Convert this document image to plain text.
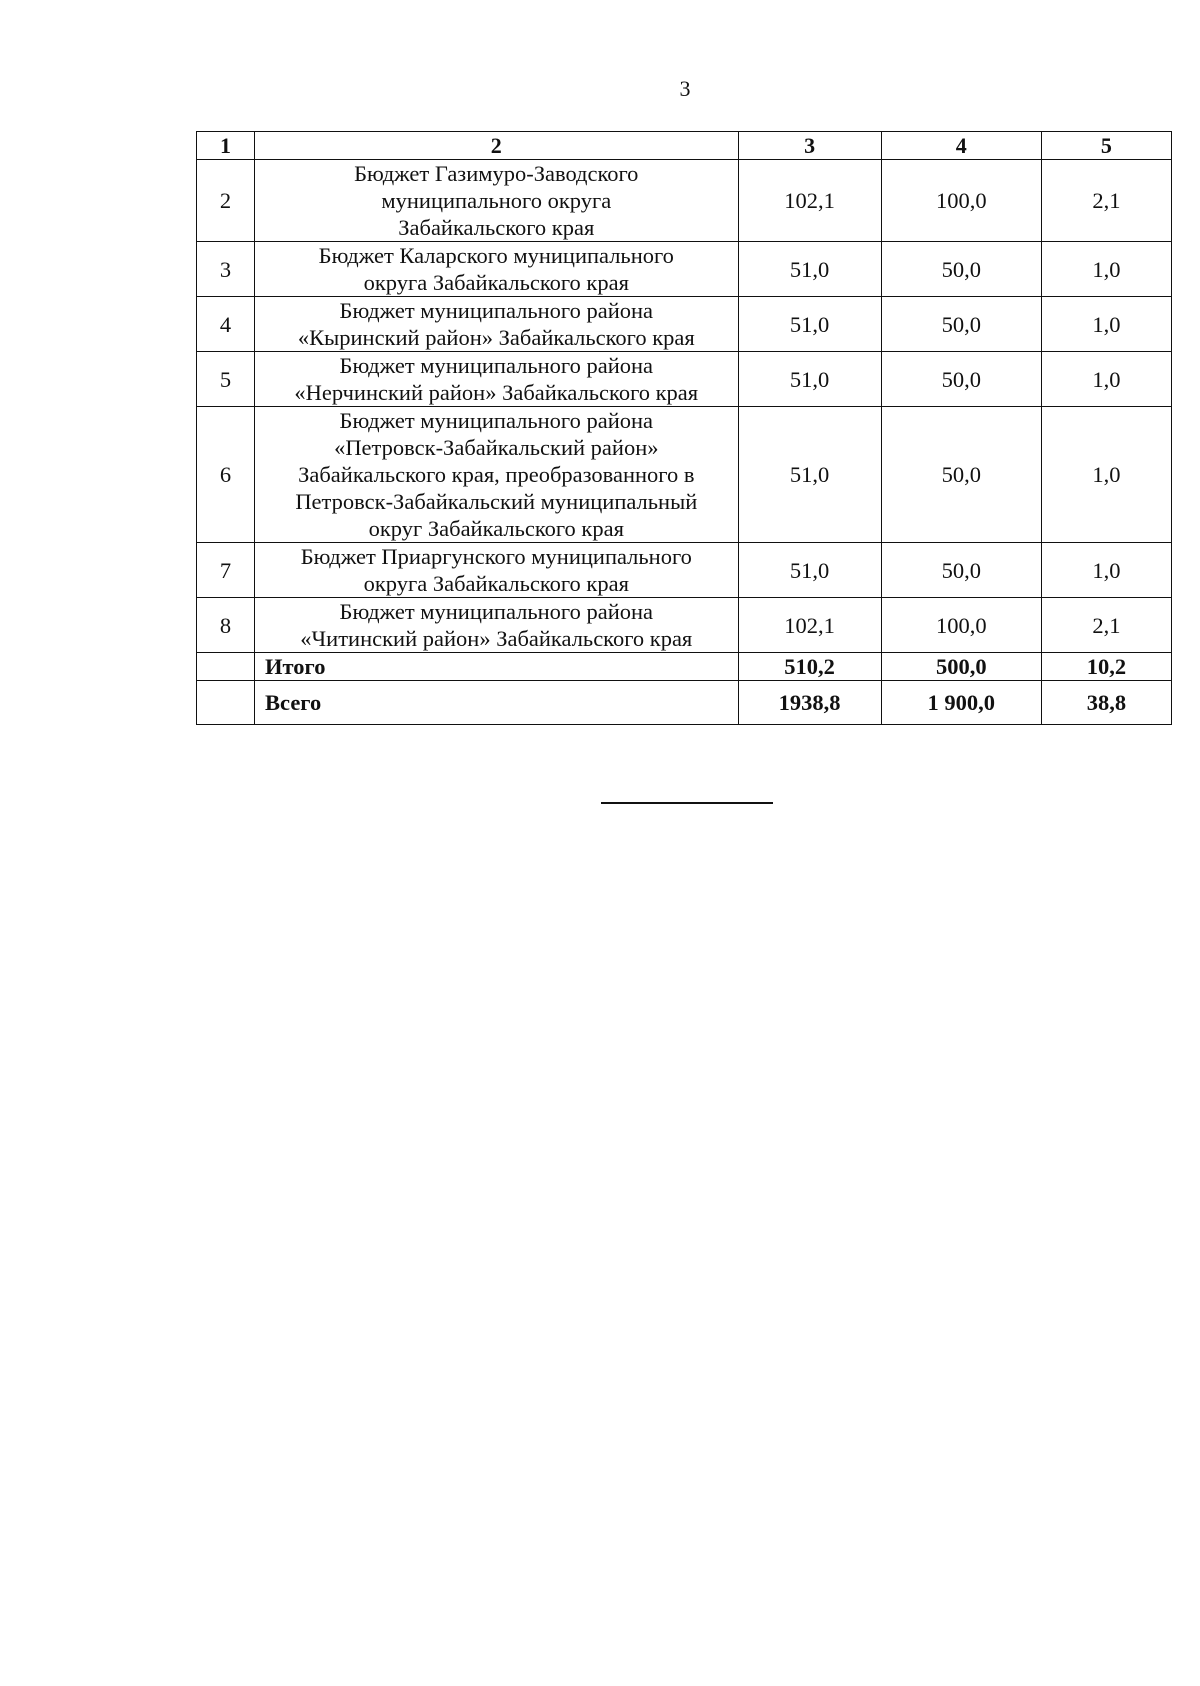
3
1	2	3	4	5
2	Бюджет Газимуро-Заводского
муниципального округа
Забайкальского края	102,1	100,0	2,1
3	Бюджет Каларского муниципального
округа Забайкальского края	51,0	50,0	1,0
4	Бюджет муниципального района
«Кыринский район» Забайкальского края	51,0	50,0	1,0
5	Бюджет муниципального района
«Нерчинский район» Забайкальского края	51,0	50,0	1,0
6	Бюджет муниципального района
«Петровск-Забайкальский район»
Забайкальского края, преобразованного в
Петровск-Забайкальский муниципальный
округ Забайкальского края	51,0	50,0	1,0
7	Бюджет Приаргунского муниципального
округа Забайкальского края	51,0	50,0	1,0
8	Бюджет муниципального района
«Читинский район» Забайкальского края	102,1	100,0	2,1
	Итого	510,2	500,0	10,2
	Всего	1938,8	1 900,0	38,8
